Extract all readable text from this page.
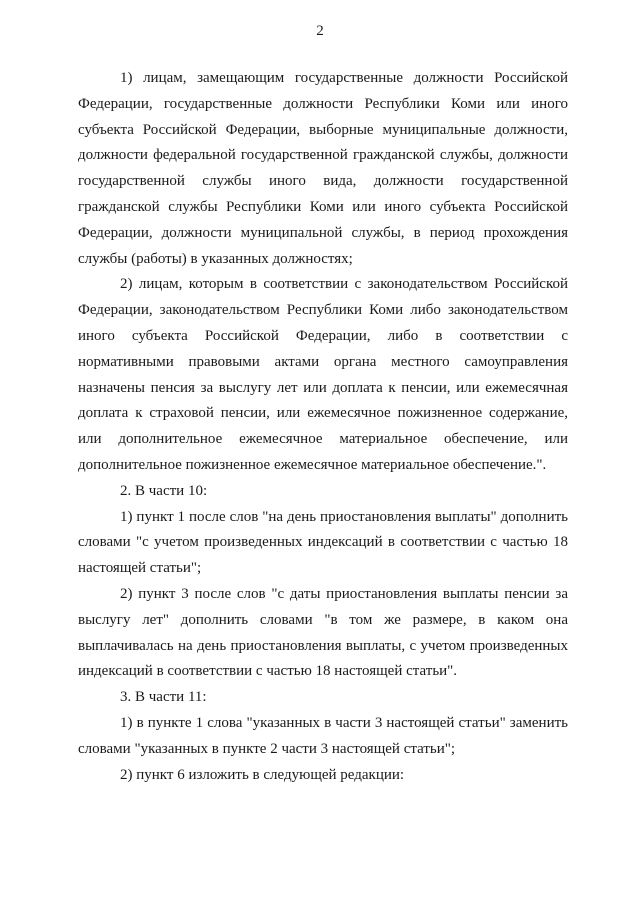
2

1) лицам, замещающим государственные должности Российской Федерации, государственные должности Республики Коми или иного субъекта Российской Федерации, выборные муниципальные должности, должности федеральной государственной гражданской службы, должности государственной службы иного вида, должности государственной гражданской службы Республики Коми или иного субъекта Российской Федерации, должности муниципальной службы, в период прохождения службы (работы) в указанных должностях;

2) лицам, которым в соответствии с законодательством Российской Федерации, законодательством Республики Коми либо законодательством иного субъекта Российской Федерации, либо в соответствии с нормативными правовыми актами органа местного самоуправления назначены пенсия за выслугу лет или доплата к пенсии, или ежемесячная доплата к страховой пенсии, или ежемесячное пожизненное содержание, или дополнительное ежемесячное материальное обеспечение, или дополнительное пожизненное ежемесячное материальное обеспечение.".

2. В части 10:

1) пункт 1 после слов "на день приостановления выплаты" дополнить словами "с учетом произведенных индексаций в соответствии с частью 18 настоящей статьи";

2) пункт 3 после слов "с даты приостановления выплаты пенсии за выслугу лет" дополнить словами "в том же размере, в каком она выплачивалась на день приостановления выплаты, с учетом произведенных индексаций в соответствии с частью 18 настоящей статьи".

3. В части 11:

1) в пункте 1 слова "указанных в части 3 настоящей статьи" заменить словами "указанных в пункте 2 части 3 настоящей статьи";

2) пункт 6 изложить в следующей редакции:
